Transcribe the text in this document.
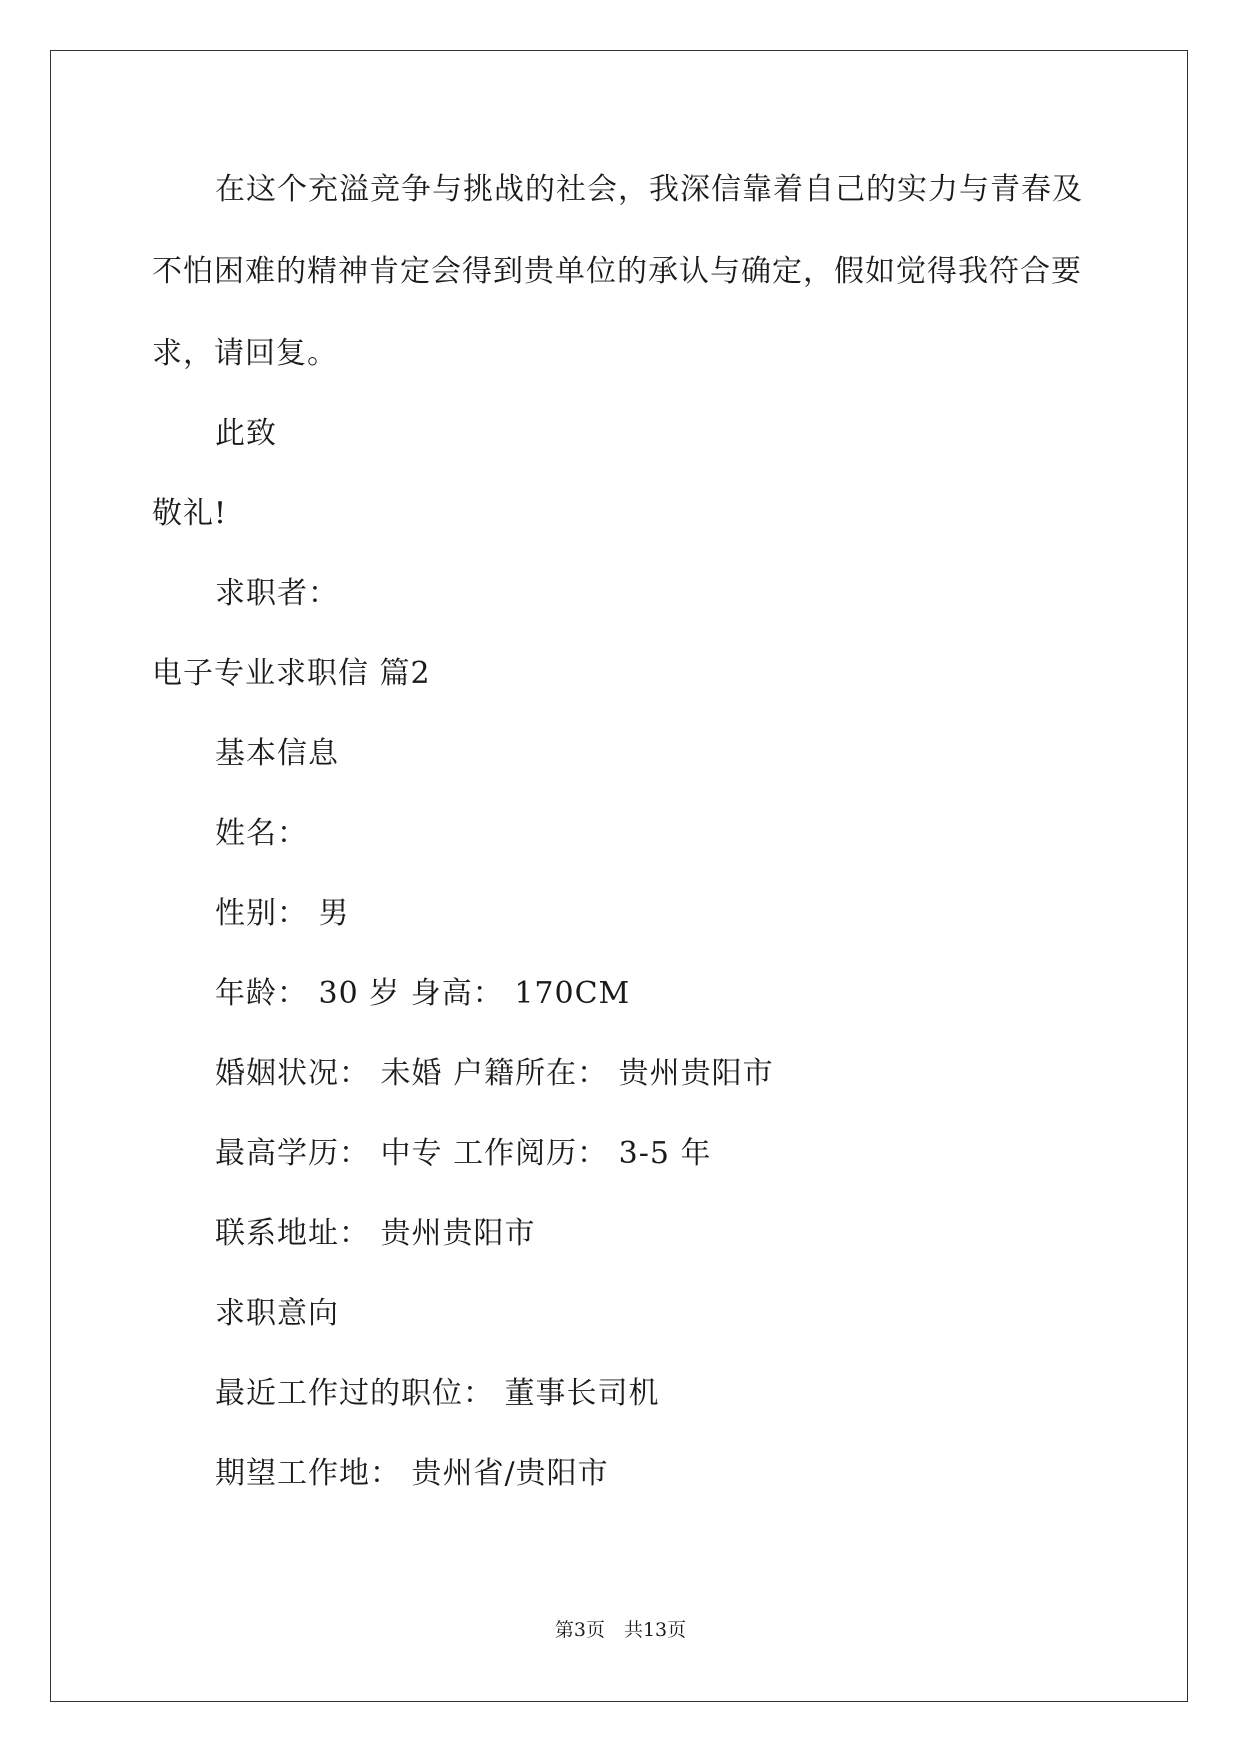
在这个充溢竞争与挑战的社会，我深信靠着自己的实力与青春及
不怕困难的精神肯定会得到贵单位的承认与确定，假如觉得我符合要
求，请回复。
此致
敬礼!
求职者：
电子专业求职信 篇2
基本信息
姓名：
性别： 男
年龄： 30 岁 身高： 170CM
婚姻状况： 未婚 户籍所在： 贵州贵阳市
最高学历： 中专 工作阅历： 3-5 年
联系地址： 贵州贵阳市
求职意向
最近工作过的职位： 董事长司机
期望工作地： 贵州省/贵阳市
第3页　共13页
